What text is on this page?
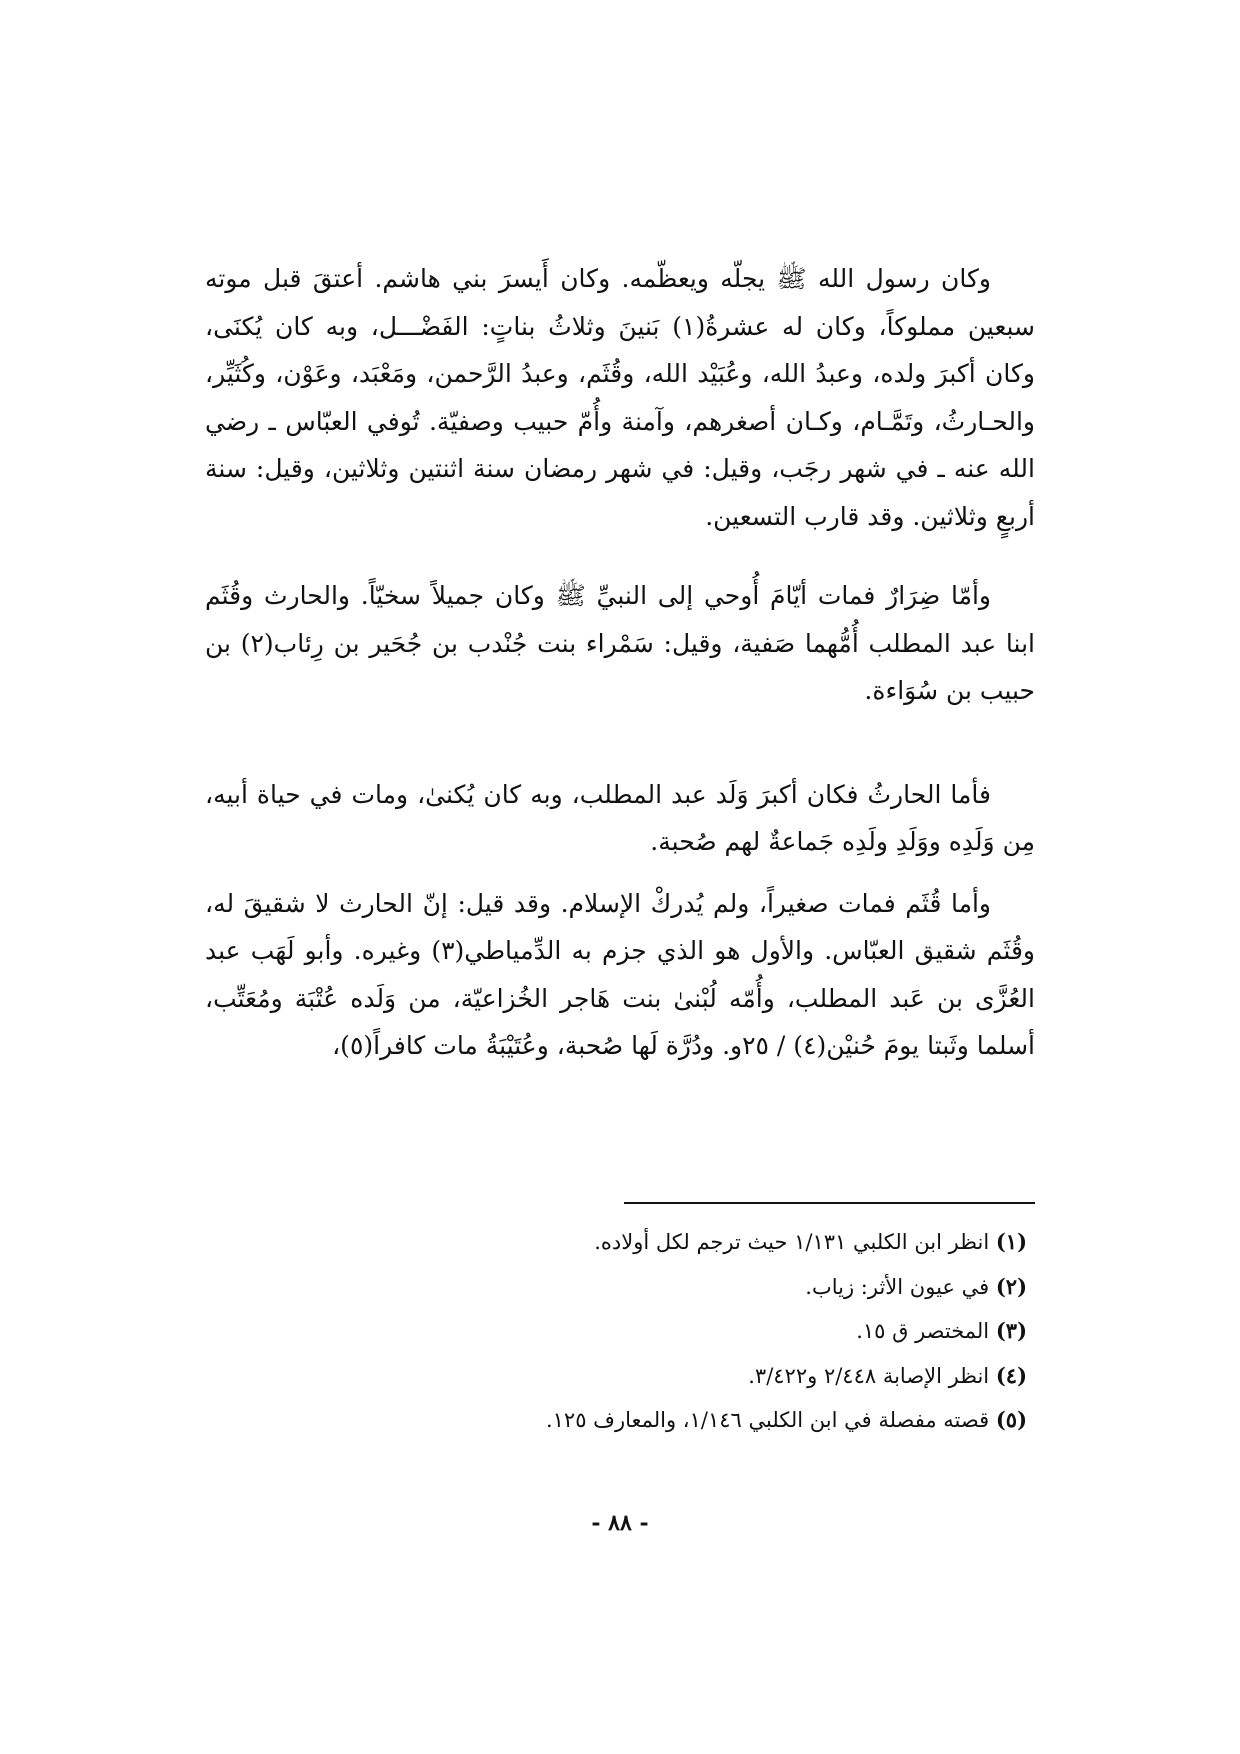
وكان رسول الله ﷺ يجلّه ويعظّمه. وكان أَيسرَ بني هاشم. أعتقَ قبل موته سبعين مملوكاً، وكان له عشرةُ(١) بَنينَ وثلاثُ بناتٍ: الفَضْـــل، وبه كان يُكنَى، وكان أكبرَ ولده، وعبدُ الله، وعُبَيْد الله، وقُثَم، وعبدُ الرَّحمن، ومَعْبَد، وعَوْن، وكُثَيِّر، والحـارثُ، وتَمَّـام، وكـان أصغرهم، وآمنة وأُمّ حبيب وصفيّة. تُوفي العبّاس ـ رضي الله عنه ـ في شهر رجَب، وقيل: في شهر رمضان سنة اثنتين وثلاثين، وقيل: سنة أربعٍ وثلاثين. وقد قارب التسعين.

وأمّا ضِرَارٌ فمات أيّامَ أُوحي إلى النبيِّ ﷺ وكان جميلاً سخيّاً. والحارث وقُثَم ابنا عبد المطلب أُمُّهما صَفية، وقيل: سَمْراء بنت جُنْدب بن جُحَير بن رِئاب(٢) بن حبيب بن سُوَاءة.

فأما الحارثُ فكان أكبرَ وَلَد عبد المطلب، وبه كان يُكنىٰ، ومات في حياة أبيه، مِن وَلَدِه ووَلَدِ ولَدِه جَماعةٌ لهم صُحبة.

وأما قُثَم فمات صغيراً، ولم يُدركْ الإسلام. وقد قيل: إنّ الحارث لا شقيقَ له، وقُثَم شقيق العبّاس. والأول هو الذي جزم به الدِّمياطي(٣) وغيره. وأبو لَهَب عبد العُزَّى بن عَبد المطلب، وأُمّه لُبْنىٰ بنت هَاجر الخُزاعيّة، من وَلَده عُتْبَة ومُعَتِّب، أسلما وثَبتا يومَ حُنيْن(٤) / ٢٥و. ودُرَّة لَها صُحبة، وعُتَيْبَةُ مات كافراً(٥)،

(١) انظر ابن الكلبي ١/١٣١ حيث ترجم لكل أولاده.
(٢) في عيون الأثر: زياب.
(٣) المختصر ق ١٥.
(٤) انظر الإصابة ٢/٤٤٨ و٣/٤٢٢.
(٥) قصته مفصلة في ابن الكلبي ١/١٤٦، والمعارف ١٢٥.
- ٨٨ -
